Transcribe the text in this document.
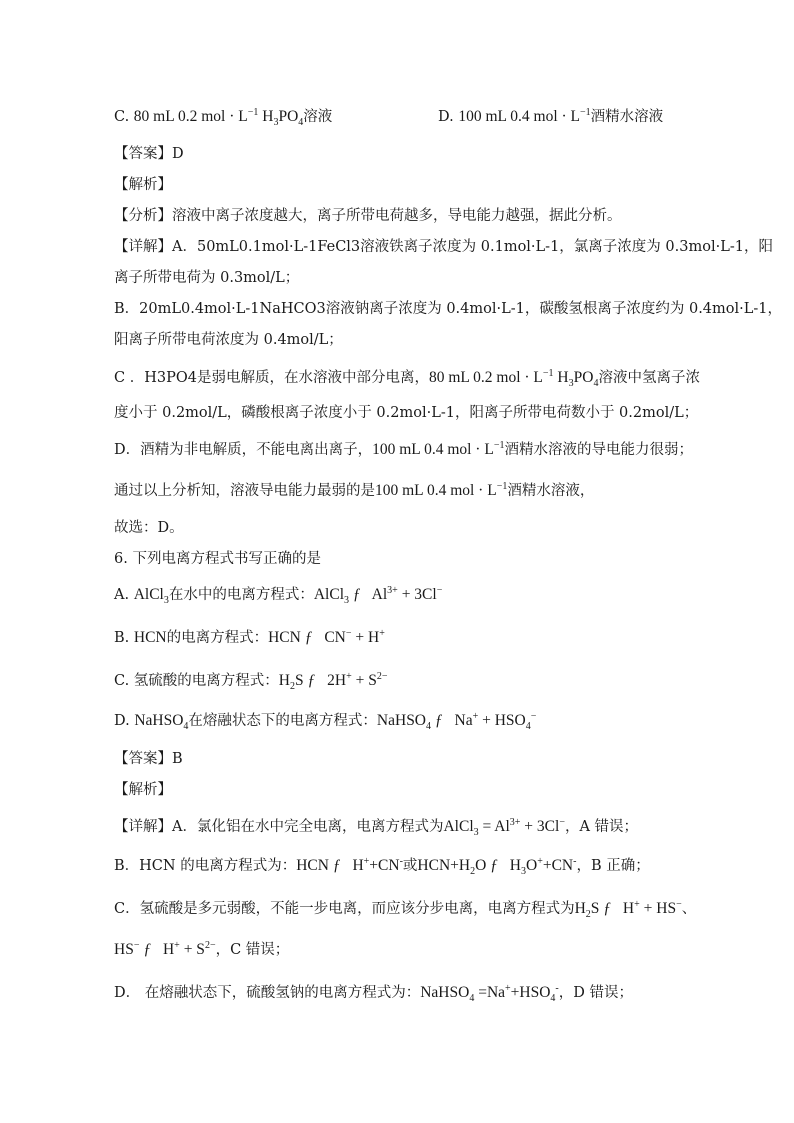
C. 80 mL 0.2 mol · $L^{-1}$ $H_3PO_4$溶液	D. 100 mL 0.4 mol · $L^{-1}$酒精水溶液
【答案】D
【解析】
【分析】溶液中离子浓度越大，离子所带电荷越多，导电能力越强，据此分析。
【详解】A．50mL0.1mol·L-1FeCl3溶液铁离子浓度为 0.1mol·L-1，氯离子浓度为 0.3mol·L-1，阳
离子所带电荷为 0.3mol/L；
B．20mL0.4mol·L-1NaHCO3溶液钠离子浓度为 0.4mol·L-1，碳酸氢根离子浓度约为 0.4mol·L-1，
阳离子所带电荷浓度为 0.4mol/L；
C ．H3PO4是弱电解质，在水溶液中部分电离，80 mL 0.2 mol · $L^{-1}$ $H_3PO_4$溶液中氢离子浓
度小于 0.2mol/L，磷酸根离子浓度小于 0.2mol·L-1，阳离子所带电荷数小于 0.2mol/L；
D．酒精为非电解质，不能电离出离子，100 mL 0.4 mol · $L^{-1}$酒精水溶液的导电能力很弱；
通过以上分析知，溶液导电能力最弱的是100 mL 0.4 mol · $L^{-1}$酒精水溶液，
故选：D。
6. 下列电离方程式书写正确的是
A. AlCl$_3$在水中的电离方程式：AlCl$_3$ ƒ $Al^{3+} + 3Cl^-$
B. HCN的电离方程式：HCN ƒ CN− + H+
C. 氢硫酸的电离方程式：$H_2S$ ƒ $2H^+ + S^{2-}$
D. NaHSO$_4$在熔融状态下的电离方程式：NaHSO$_4$ ƒ $Na^+ + HSO_4^-$
【答案】B
【解析】
【详解】A．氯化铝在水中完全电离，电离方程式为AlCl$_3$ = $Al^{3+} + 3Cl^-$，A 错误；
B．HCN 的电离方程式为：HCN ƒ H++CN-或$HCN+H_2O$ ƒ $H_3O^++CN^-$，B 正确；
C．氢硫酸是多元弱酸，不能一步电离，而应该分步电离，电离方程式为$H_2S$ ƒ H+ + HS−、
HS− ƒ $H^+ + S^{2-}$，C 错误；
D． 在熔融状态下，硫酸氢钠的电离方程式为：NaHSO$_4$ $=Na^++HSO_4^-$，D 错误；
